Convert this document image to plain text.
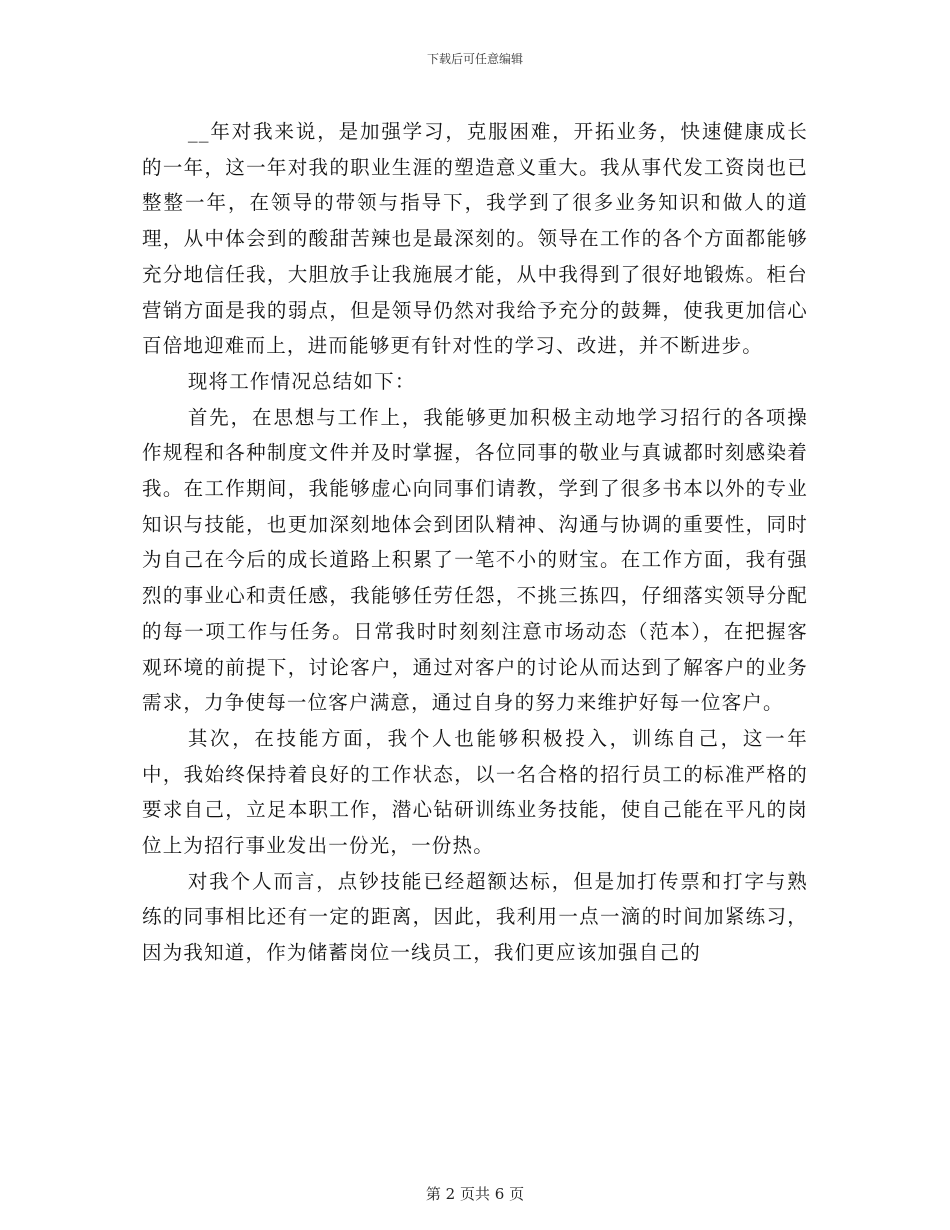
下载后可任意编辑

__年对我来说，是加强学习，克服困难，开拓业务，快速健康成长的一年，这一年对我的职业生涯的塑造意义重大。我从事代发工资岗也已整整一年，在领导的带领与指导下，我学到了很多业务知识和做人的道理，从中体会到的酸甜苦辣也是最深刻的。领导在工作的各个方面都能够充分地信任我，大胆放手让我施展才能，从中我得到了很好地锻炼。柜台营销方面是我的弱点，但是领导仍然对我给予充分的鼓舞，使我更加信心百倍地迎难而上，进而能够更有针对性的学习、改进，并不断进步。

现将工作情况总结如下：

首先，在思想与工作上，我能够更加积极主动地学习招行的各项操作规程和各种制度文件并及时掌握，各位同事的敬业与真诚都时刻感染着我。在工作期间，我能够虚心向同事们请教，学到了很多书本以外的专业知识与技能，也更加深刻地体会到团队精神、沟通与协调的重要性，同时为自己在今后的成长道路上积累了一笔不小的财宝。在工作方面，我有强烈的事业心和责任感，我能够任劳任怨，不挑三拣四，仔细落实领导分配的每一项工作与任务。日常我时时刻刻注意市场动态（范本），在把握客观环境的前提下，讨论客户，通过对客户的讨论从而达到了解客户的业务需求，力争使每一位客户满意，通过自身的努力来维护好每一位客户。

其次，在技能方面，我个人也能够积极投入，训练自己，这一年中，我始终保持着良好的工作状态，以一名合格的招行员工的标准严格的要求自己，立足本职工作，潜心钻研训练业务技能，使自己能在平凡的岗位上为招行事业发出一份光，一份热。

对我个人而言，点钞技能已经超额达标，但是加打传票和打字与熟练的同事相比还有一定的距离，因此，我利用一点一滴的时间加紧练习，因为我知道，作为储蓄岗位一线员工，我们更应该加强自己的

第 2 页共 6 页
